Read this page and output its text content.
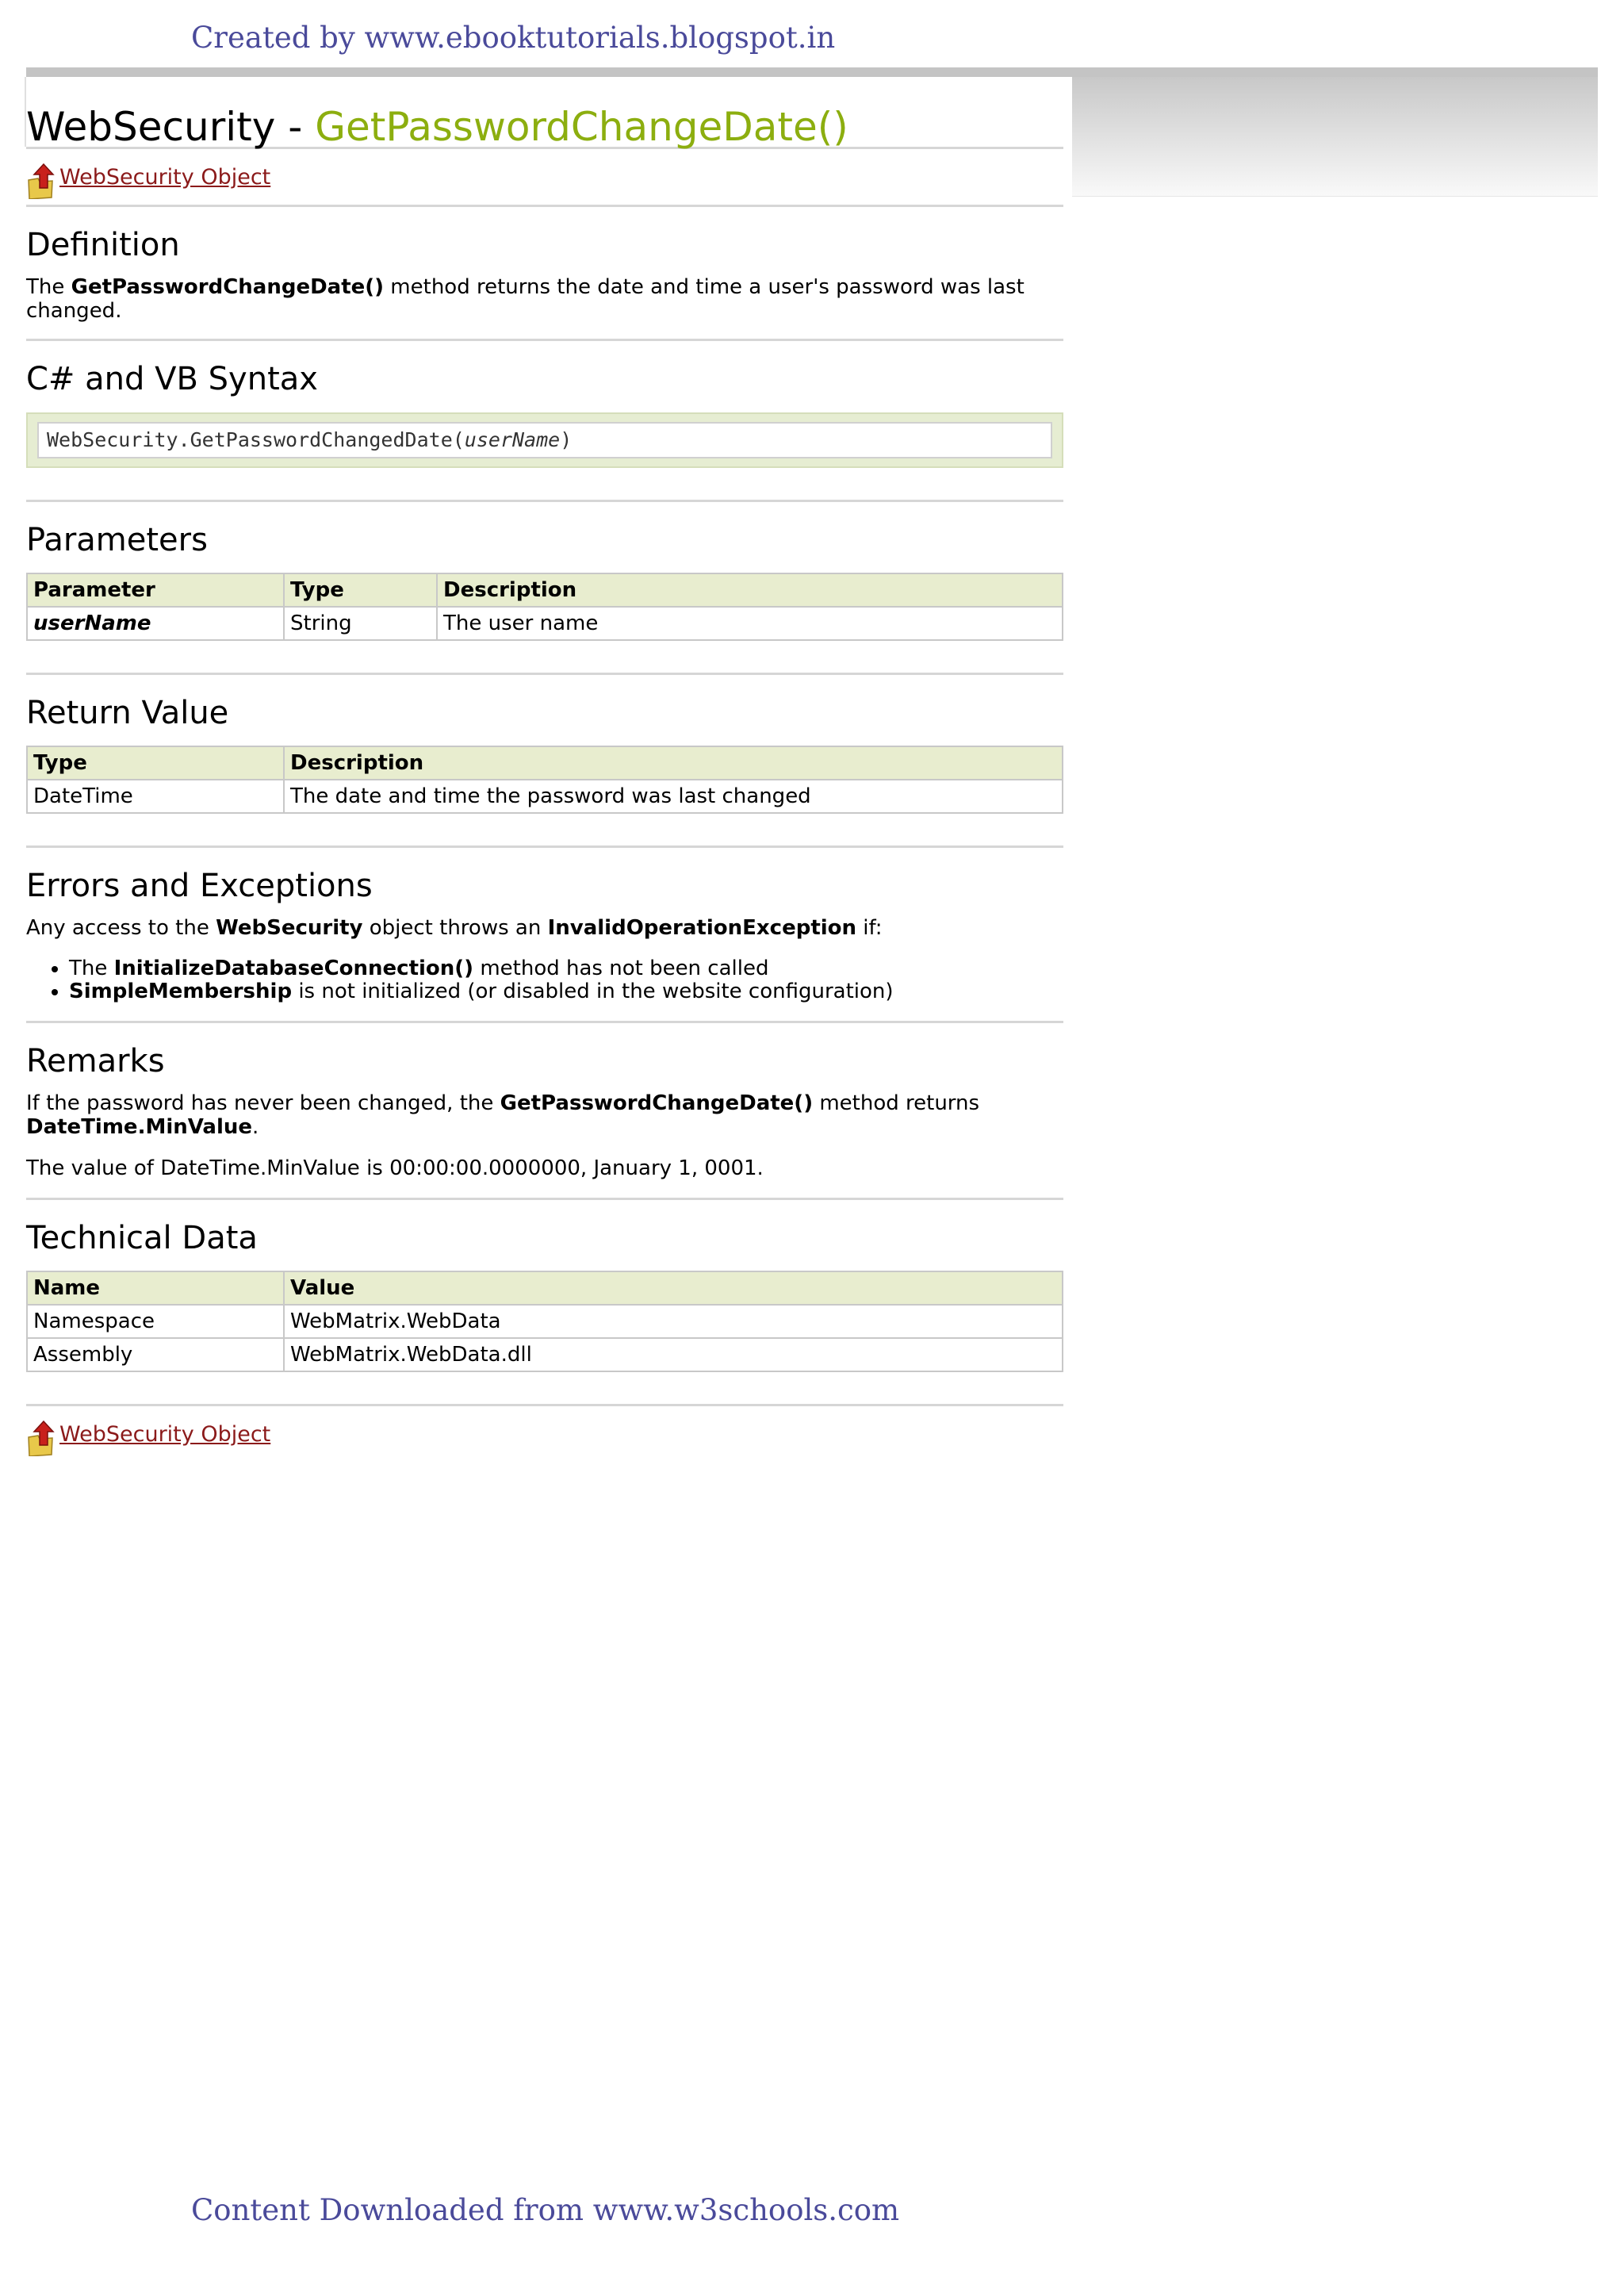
Created by www.ebooktutorials.blogspot.in
WebSecurity - GetPasswordChangeDate()
WebSecurity Object
Definition

The GetPasswordChangeDate() method returns the date and time a user's password was last changed.

C# and VB Syntax
WebSecurity.GetPasswordChangedDate(userName)
Parameters
Parameter	Type	Description
userName	String	The user name
Return Value
Type	Description
DateTime	The date and time the password was last changed
Errors and Exceptions

Any access to the WebSecurity object throws an InvalidOperationException if:

• The InitializeDatabaseConnection() method has not been called
• SimpleMembership is not initialized (or disabled in the website configuration)
Remarks

If the password has never been changed, the GetPasswordChangeDate() method returns
DateTime.MinValue.

The value of DateTime.MinValue is 00:00:00.0000000, January 1, 0001.

Technical Data
Name	Value
Namespace	WebMatrix.WebData
Assembly	WebMatrix.WebData.dll
WebSecurity Object
Content Downloaded from www.w3schools.com
